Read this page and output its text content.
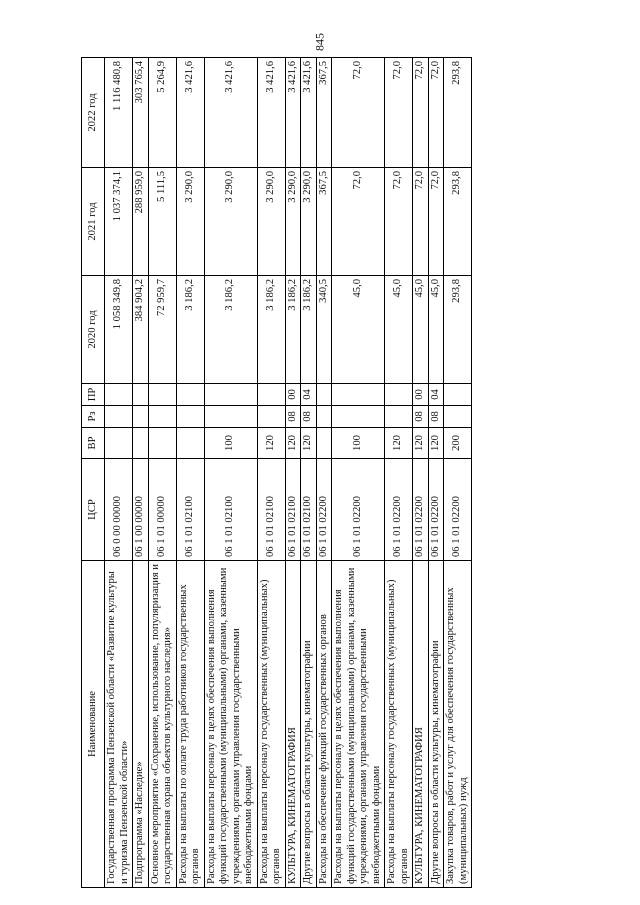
845
Наименование	ЦСР	ВР	Рз	ПР	2020 год	2021 год	2022 год
Государственная программа Пензенской области «Развитие культуры и туризма Пензенской области»	06 0 00 00000				1 058 349,8	1 037 374,1	1 116 480,8
Подпрограмма «Наследие»	06 1 00 00000				384 904,2	288 959,0	303 765,4
Основное мероприятие «Сохранение, использование, популяризация и государственная охрана объектов культурного наследия»	06 1 01 00000				72 959,7	5 111,5	5 264,9
Расходы на выплаты по оплате труда работников государственных органов	06 1 01 02100				3 186,2	3 290,0	3 421,6
Расходы на выплаты персоналу в целях обеспечения выполнения функций государственными (муниципальными) органами, казенными учреждениями, органами управления государственными внебюджетными фондами	06 1 01 02100	100			3 186,2	3 290,0	3 421,6
Расходы на выплаты персоналу государственных (муниципальных) органов	06 1 01 02100	120			3 186,2	3 290,0	3 421,6
КУЛЬТУРА, КИНЕМАТОГРАФИЯ	06 1 01 02100	120	08	00	3 186,2	3 290,0	3 421,6
Другие вопросы в области культуры, кинематографии	06 1 01 02100	120	08	04	3 186,2	3 290,0	3 421,6
Расходы на обеспечение функций государственных органов	06 1 01 02200				340,5	367,5	367,5
Расходы на выплаты персоналу в целях обеспечения выполнения функций государственными (муниципальными) органами, казенными учреждениями, органами управления государственными внебюджетными фондами	06 1 01 02200	100			45,0	72,0	72,0
Расходы на выплаты персоналу государственных (муниципальных) органов	06 1 01 02200	120			45,0	72,0	72,0
КУЛЬТУРА, КИНЕМАТОГРАФИЯ	06 1 01 02200	120	08	00	45,0	72,0	72,0
Другие вопросы в области культуры, кинематографии	06 1 01 02200	120	08	04	45,0	72,0	72,0
Закупка товаров, работ и услуг для обеспечения государственных (муниципальных) нужд	06 1 01 02200	200			293,8	293,8	293,8
